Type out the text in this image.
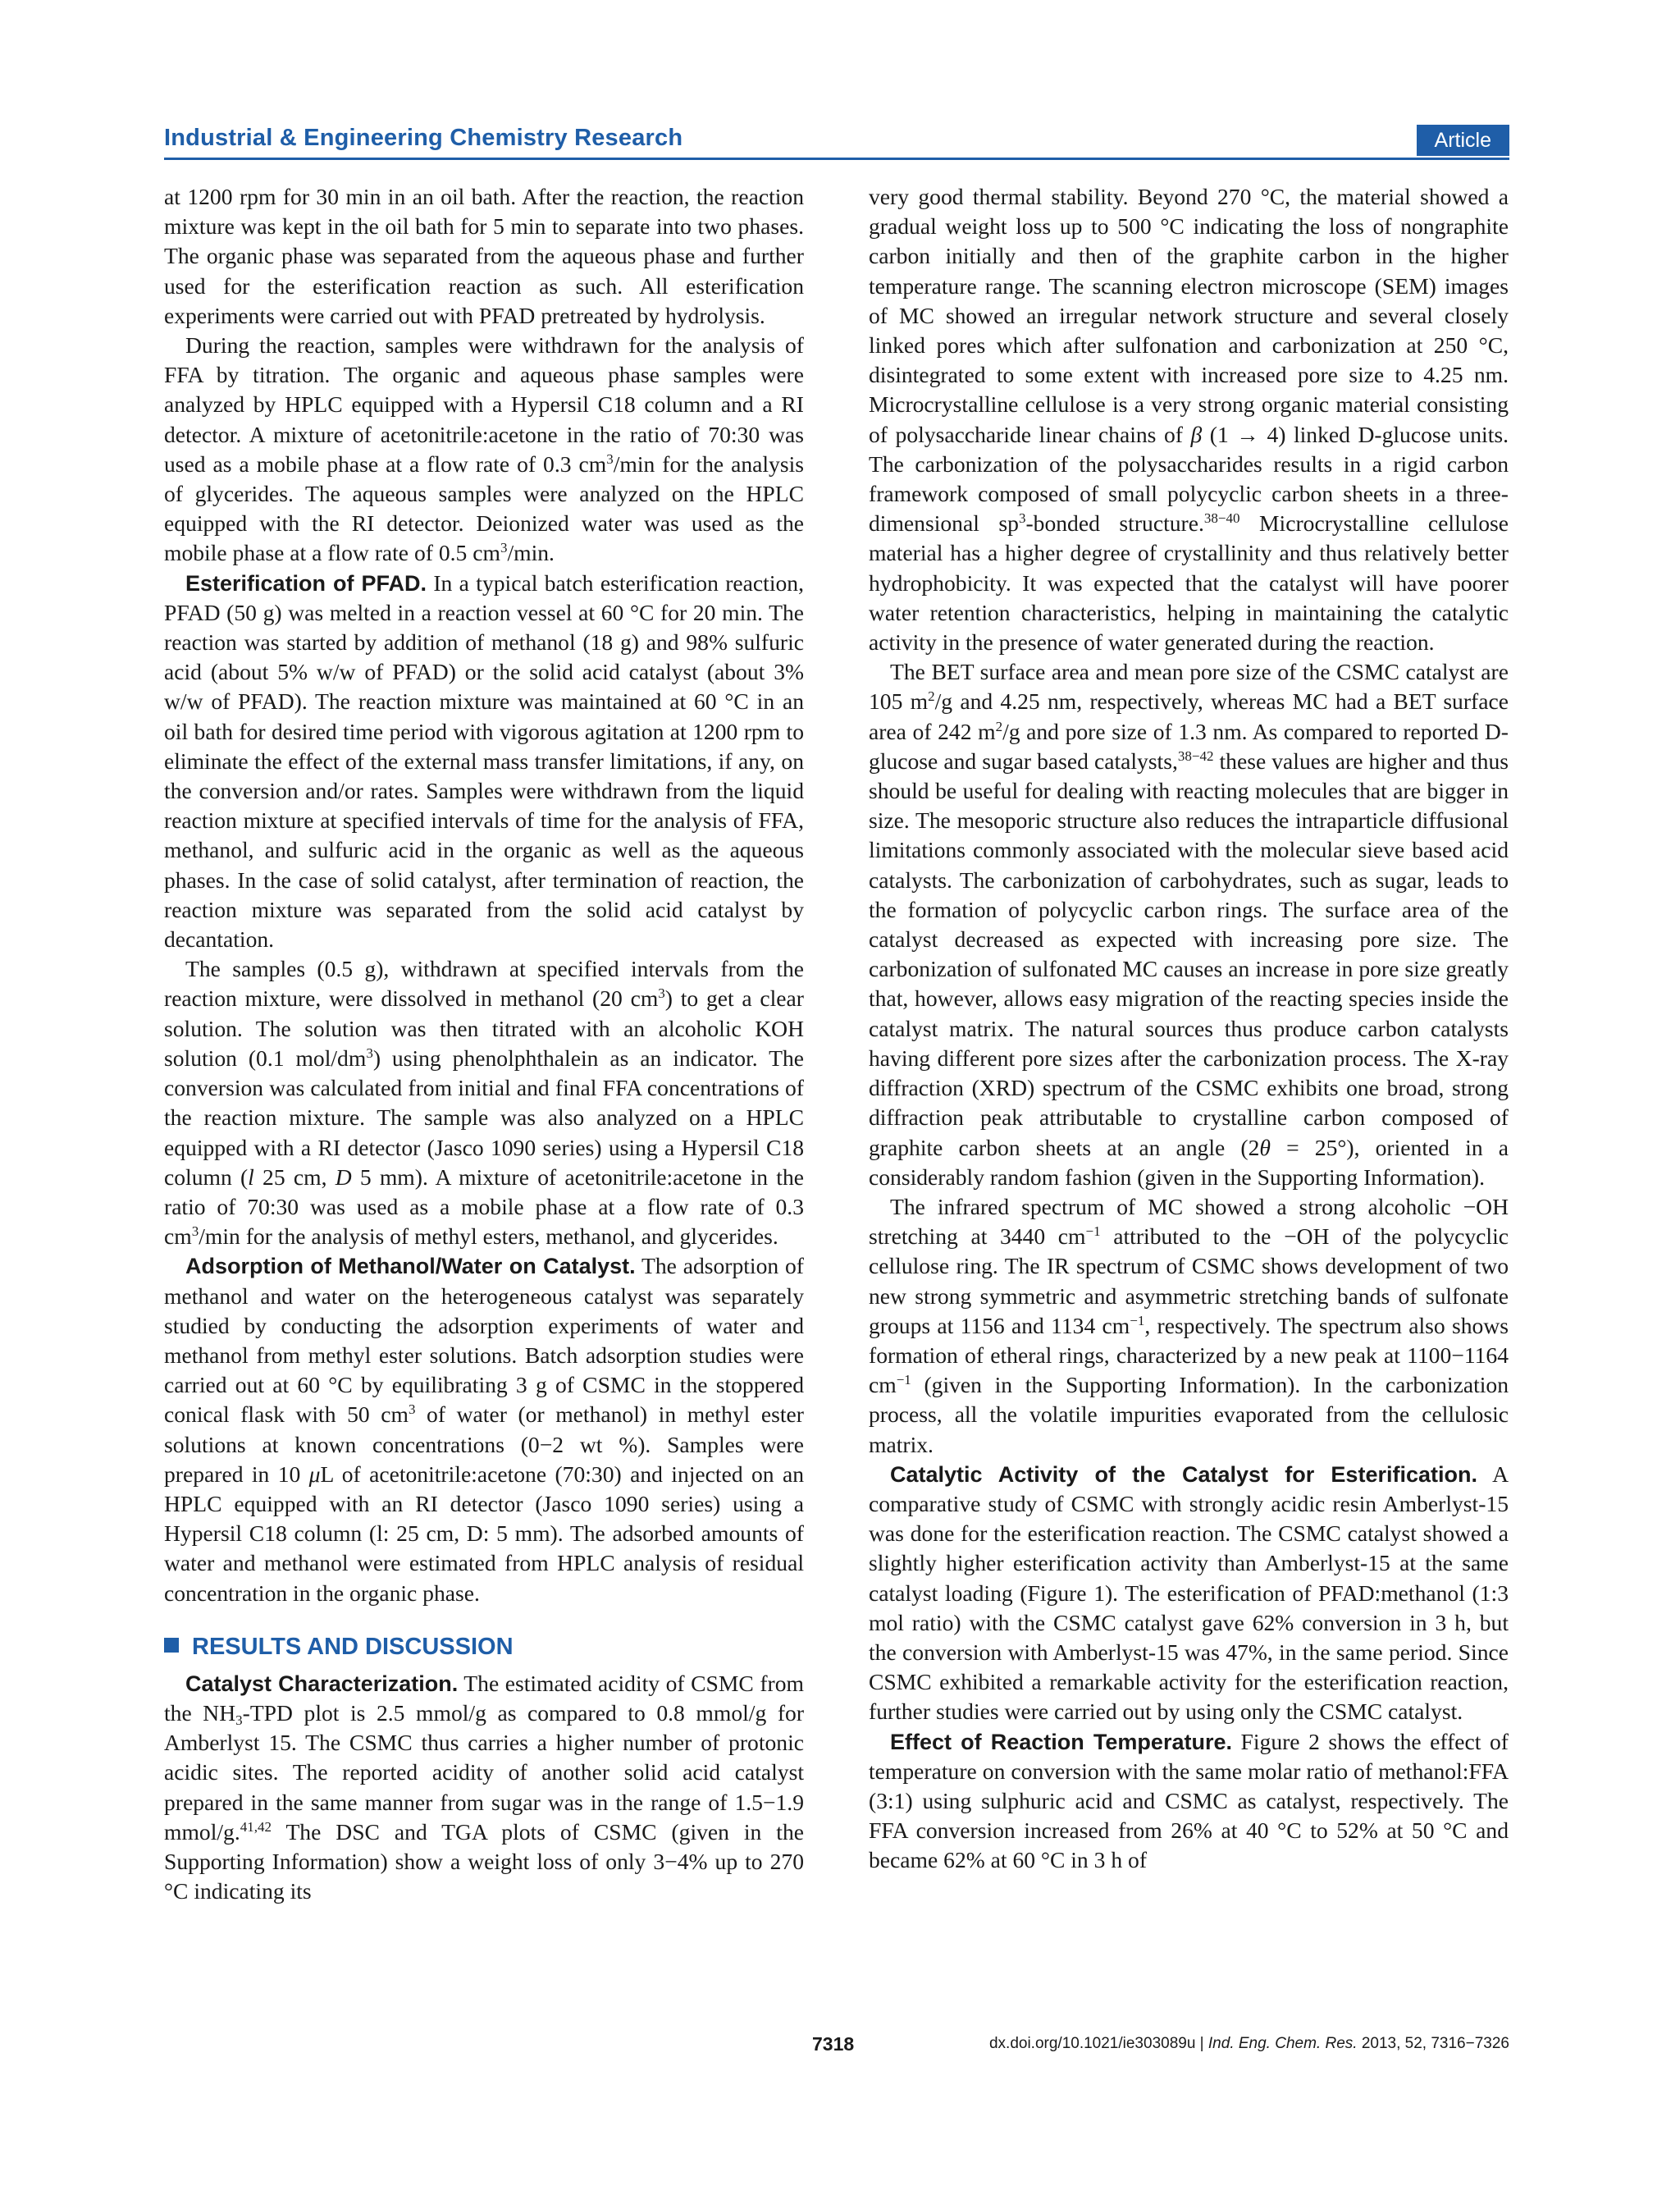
Industrial & Engineering Chemistry Research	Article

at 1200 rpm for 30 min in an oil bath. After the reaction, the reaction mixture was kept in the oil bath for 5 min to separate into two phases. The organic phase was separated from the aqueous phase and further used for the esterification reaction as such. All esterification experiments were carried out with PFAD pretreated by hydrolysis.

During the reaction, samples were withdrawn for the analysis of FFA by titration. The organic and aqueous phase samples were analyzed by HPLC equipped with a Hypersil C18 column and a RI detector. A mixture of acetonitrile:acetone in the ratio of 70:30 was used as a mobile phase at a flow rate of 0.3 $cm^3/\min$ for the analysis of glycerides. The aqueous samples were analyzed on the HPLC equipped with the RI detector. Deionized water was used as the mobile phase at a flow rate of 0.5 $cm^3/\min$.

Esterification of PFAD. In a typical batch esterification reaction, PFAD (50 g) was melted in a reaction vessel at 60 °C for 20 min. The reaction was started by addition of methanol (18 g) and 98% sulfuric acid (about 5% w/w of PFAD) or the solid acid catalyst (about 3% w/w of PFAD). The reaction mixture was maintained at 60 °C in an oil bath for desired time period with vigorous agitation at 1200 rpm to eliminate the effect of the external mass transfer limitations, if any, on the conversion and/or rates. Samples were withdrawn from the liquid reaction mixture at specified intervals of time for the analysis of FFA, methanol, and sulfuric acid in the organic as well as the aqueous phases. In the case of solid catalyst, after termination of reaction, the reaction mixture was separated from the solid acid catalyst by decantation.

The samples (0.5 g), withdrawn at specified intervals from the reaction mixture, were dissolved in methanol (20 $cm^3$) to get a clear solution. The solution was then titrated with an alcoholic KOH solution (0.1 mol/$dm^3$) using phenolphthalein as an indicator. The conversion was calculated from initial and final FFA concentrations of the reaction mixture. The sample was also analyzed on a HPLC equipped with a RI detector (Jasco 1090 series) using a Hypersil C18 column (l 25 cm, D 5 mm). A mixture of acetonitrile:acetone in the ratio of 70:30 was used as a mobile phase at a flow rate of 0.3 $cm^3/\min$ for the analysis of methyl esters, methanol, and glycerides.

Adsorption of Methanol/Water on Catalyst. The adsorption of methanol and water on the heterogeneous catalyst was separately studied by conducting the adsorption experiments of water and methanol from methyl ester solutions. Batch adsorption studies were carried out at 60 °C by equilibrating 3 g of CSMC in the stoppered conical flask with 50 $cm^3$ of water (or methanol) in methyl ester solutions at known concentrations (0−2 wt %). Samples were prepared in 10 μL of acetonitrile:acetone (70:30) and injected on an HPLC equipped with an RI detector (Jasco 1090 series) using a Hypersil C18 column (l: 25 cm, D: 5 mm). The adsorbed amounts of water and methanol were estimated from HPLC analysis of residual concentration in the organic phase.

RESULTS AND DISCUSSION

Catalyst Characterization. The estimated acidity of CSMC from the $NH_3$-TPD plot is 2.5 mmol/g as compared to 0.8 mmol/g for Amberlyst 15. The CSMC thus carries a higher number of protonic acidic sites. The reported acidity of another solid acid catalyst prepared in the same manner from sugar was in the range of 1.5−1.9 mmol/g.$^{41,42}$ The DSC and TGA plots of CSMC (given in the Supporting Information) show a weight loss of only 3−4% up to 270 °C indicating its

very good thermal stability. Beyond 270 °C, the material showed a gradual weight loss up to 500 °C indicating the loss of nongraphite carbon initially and then of the graphite carbon in the higher temperature range. The scanning electron microscope (SEM) images of MC showed an irregular network structure and several closely linked pores which after sulfonation and carbonization at 250 °C, disintegrated to some extent with increased pore size to 4.25 nm. Microcrystalline cellulose is a very strong organic material consisting of polysaccharide linear chains of β (1 → 4) linked D-glucose units. The carbonization of the polysaccharides results in a rigid carbon framework composed of small polycyclic carbon sheets in a three-dimensional $sp^3$-bonded structure.$^{38-40}$ Microcrystalline cellulose material has a higher degree of crystallinity and thus relatively better hydrophobicity. It was expected that the catalyst will have poorer water retention characteristics, helping in maintaining the catalytic activity in the presence of water generated during the reaction.

The BET surface area and mean pore size of the CSMC catalyst are 105 $m^2/g$ and 4.25 nm, respectively, whereas MC had a BET surface area of 242 $m^2/g$ and pore size of 1.3 nm. As compared to reported D-glucose and sugar based catalysts,$^{38-42}$ these values are higher and thus should be useful for dealing with reacting molecules that are bigger in size. The mesoporic structure also reduces the intraparticle diffusional limitations commonly associated with the molecular sieve based acid catalysts. The carbonization of carbohydrates, such as sugar, leads to the formation of polycyclic carbon rings. The surface area of the catalyst decreased as expected with increasing pore size. The carbonization of sulfonated MC causes an increase in pore size greatly that, however, allows easy migration of the reacting species inside the catalyst matrix. The natural sources thus produce carbon catalysts having different pore sizes after the carbonization process. The X-ray diffraction (XRD) spectrum of the CSMC exhibits one broad, strong diffraction peak attributable to crystalline carbon composed of graphite carbon sheets at an angle (2θ = 25°), oriented in a considerably random fashion (given in the Supporting Information).

The infrared spectrum of MC showed a strong alcoholic −OH stretching at 3440 $cm^{-1}$ attributed to the −OH of the polycyclic cellulose ring. The IR spectrum of CSMC shows development of two new strong symmetric and asymmetric stretching bands of sulfonate groups at 1156 and 1134 $cm^{-1}$, respectively. The spectrum also shows formation of etheral rings, characterized by a new peak at 1100−1164 $cm^{-1}$ (given in the Supporting Information). In the carbonization process, all the volatile impurities evaporated from the cellulosic matrix.

Catalytic Activity of the Catalyst for Esterification. A comparative study of CSMC with strongly acidic resin Amberlyst-15 was done for the esterification reaction. The CSMC catalyst showed a slightly higher esterification activity than Amberlyst-15 at the same catalyst loading (Figure 1). The esterification of PFAD:methanol (1:3 mol ratio) with the CSMC catalyst gave 62% conversion in 3 h, but the conversion with Amberlyst-15 was 47%, in the same period. Since CSMC exhibited a remarkable activity for the esterification reaction, further studies were carried out by using only the CSMC catalyst.

Effect of Reaction Temperature. Figure 2 shows the effect of temperature on conversion with the same molar ratio of methanol:FFA (3:1) using sulphuric acid and CSMC as catalyst, respectively. The FFA conversion increased from 26% at 40 °C to 52% at 50 °C and became 62% at 60 °C in 3 h of

7318	dx.doi.org/10.1021/ie303089u | Ind. Eng. Chem. Res. 2013, 52, 7316−7326
